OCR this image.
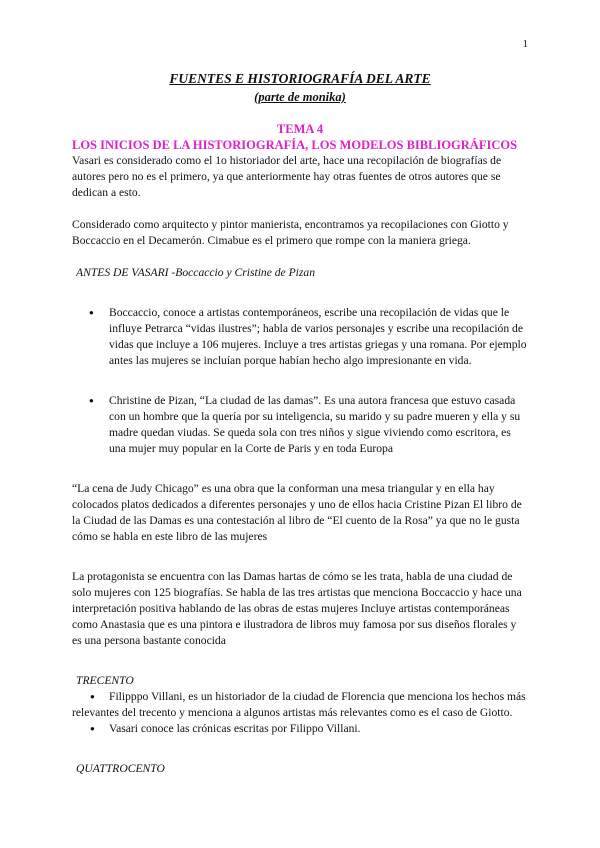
1
FUENTES E HISTORIOGRAFÍA DEL ARTE
(parte de monika)
TEMA 4
LOS INICIOS DE LA HISTORIOGRAFÍA, LOS MODELOS BIBLIOGRÁFICOS

Vasari es considerado como el 1o historiador del arte, hace una recopilación de biografías de autores pero no es el primero, ya que anteriormente hay otras fuentes de otros autores que se dedican a esto.

Considerado como arquitecto y pintor manierista, encontramos ya recopilaciones con Giotto y Boccaccio en el Decamerón. Cimabue es el primero que rompe con la maniera griega.

ANTES DE VASARI -Boccaccio y Cristine de Pizan

● Boccaccio, conoce a artistas contemporáneos, escribe una recopilación de vidas que le influye Petrarca “vidas ilustres”; habla de varios personajes y escribe una recopilación de vidas que incluye a 106 mujeres. Incluye a tres artistas griegas y una romana. Por ejemplo antes las mujeres se incluían porque habían hecho algo impresionante en vida.
● Christine de Pizan, “La ciudad de las damas”. Es una autora francesa que estuvo casada con un hombre que la quería por su inteligencia, su marido y su padre mueren y ella y su madre quedan viudas. Se queda sola con tres niños y sigue viviendo como escritora, es una mujer muy popular en la Corte de Paris y en toda Europa

“La cena de Judy Chicago” es una obra que la conforman una mesa triangular y en ella hay colocados platos dedicados a diferentes personajes y uno de ellos hacia Cristine Pizan El libro de la Ciudad de las Damas es una contestación al libro de “El cuento de la Rosa” ya que no le gusta cómo se habla en este libro de las mujeres

La protagonista se encuentra con las Damas hartas de cómo se les trata, habla de una ciudad de solo mujeres con 125 biografías. Se habla de las tres artistas que menciona Boccaccio y hace una interpretación positiva hablando de las obras de estas mujeres Incluye artistas contemporáneas como Anastasia que es una pintora e ilustradora de libros muy famosa por sus diseños florales y es una persona bastante conocida

TRECENTO

● Filipppo Villani, es un historiador de la ciudad de Florencia que menciona los hechos más relevantes del trecento y menciona a algunos artistas más relevantes como es el caso de Giotto.
● Vasari conoce las crónicas escritas por Filippo Villani.

QUATTROCENTO
